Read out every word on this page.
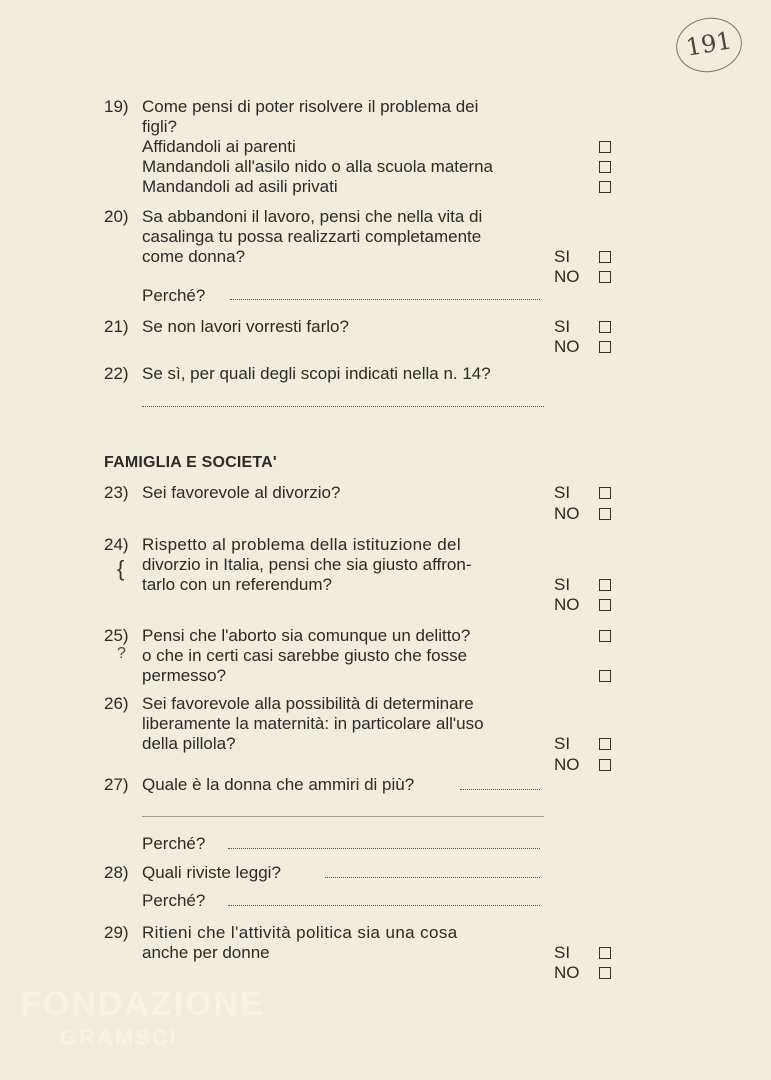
191
19) Come pensi di poter risolvere il problema dei
figli?
Affidandoli ai parenti
Mandandoli all'asilo nido o alla scuola materna
Mandandoli ad asili privati
20) Sa abbandoni il lavoro, pensi che nella vita di
casalinga tu possa realizzarti completamente
come donna?	SI
NO
Perché?
21) Se non lavori vorresti farlo?	SI
NO
22) Se sì, per quali degli scopi indicati nella n. 14?
FAMIGLIA E SOCIETA'
23) Sei favorevole al divorzio?	SI
NO
24) Rispetto al problema della istituzione del
divorzio in Italia, pensi che sia giusto affron-
tarlo con un referendum?
{
SI
NO
25) Pensi che l'aborto sia comunque un delitto?
? o che in certi casi sarebbe giusto che fosse
permesso?
26) Sei favorevole alla possibilità di determinare
liberamente la maternità: in particolare all'uso
della pillola?	SI
NO
27) Quale è la donna che ammiri di più?
Perché?
28) Quali riviste leggi?
Perché?
29) Ritieni che l'attività politica sia una cosa
anche per donne	SI
NO
FONDAZIONE
GRAMSCI
